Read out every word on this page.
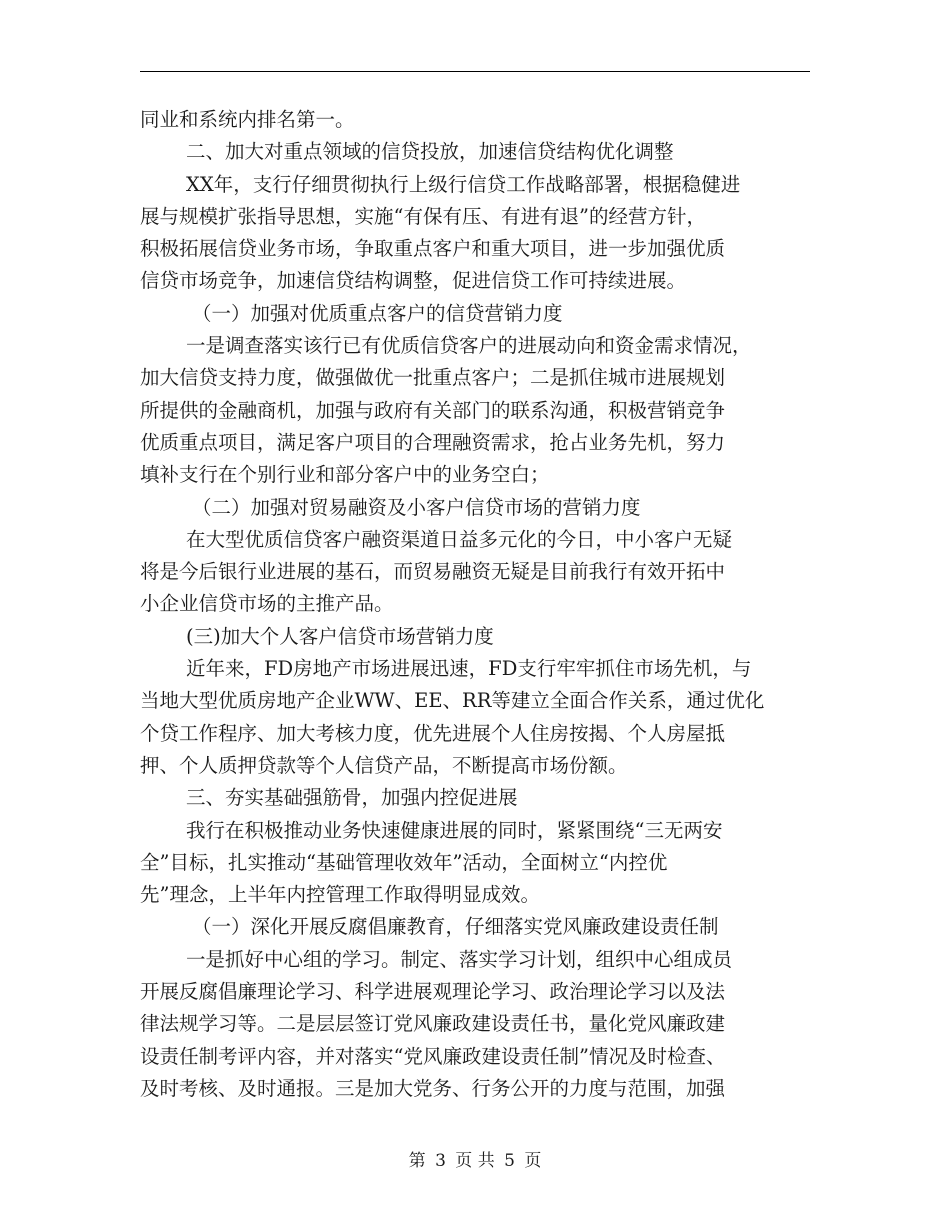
同业和系统内排名第一。
二、加大对重点领域的信贷投放，加速信贷结构优化调整
XX年，支行仔细贯彻执行上级行信贷工作战略部署，根据稳健进
展与规模扩张指导思想，实施“有保有压、有进有退”的经营方针，
积极拓展信贷业务市场，争取重点客户和重大项目，进一步加强优质
信贷市场竞争，加速信贷结构调整，促进信贷工作可持续进展。
（一）加强对优质重点客户的信贷营销力度
一是调查落实该行已有优质信贷客户的进展动向和资金需求情况，
加大信贷支持力度，做强做优一批重点客户；二是抓住城市进展规划
所提供的金融商机，加强与政府有关部门的联系沟通，积极营销竞争
优质重点项目，满足客户项目的合理融资需求，抢占业务先机，努力
填补支行在个别行业和部分客户中的业务空白；
（二）加强对贸易融资及小客户信贷市场的营销力度
在大型优质信贷客户融资渠道日益多元化的今日，中小客户无疑
将是今后银行业进展的基石，而贸易融资无疑是目前我行有效开拓中
小企业信贷市场的主推产品。
(三)加大个人客户信贷市场营销力度
近年来，FD房地产市场进展迅速，FD支行牢牢抓住市场先机，与
当地大型优质房地产企业WW、EE、RR等建立全面合作关系，通过优化
个贷工作程序、加大考核力度，优先进展个人住房按揭、个人房屋抵
押、个人质押贷款等个人信贷产品，不断提高市场份额。
三、夯实基础强筋骨，加强内控促进展
我行在积极推动业务快速健康进展的同时，紧紧围绕“三无两安
全”目标，扎实推动“基础管理收效年”活动，全面树立“内控优
先”理念，上半年内控管理工作取得明显成效。
（一）深化开展反腐倡廉教育，仔细落实党风廉政建设责任制
一是抓好中心组的学习。制定、落实学习计划，组织中心组成员
开展反腐倡廉理论学习、科学进展观理论学习、政治理论学习以及法
律法规学习等。二是层层签订党风廉政建设责任书，量化党风廉政建
设责任制考评内容，并对落实“党风廉政建设责任制”情况及时检查、
及时考核、及时通报。三是加大党务、行务公开的力度与范围，加强
第 3 页 共 5 页
